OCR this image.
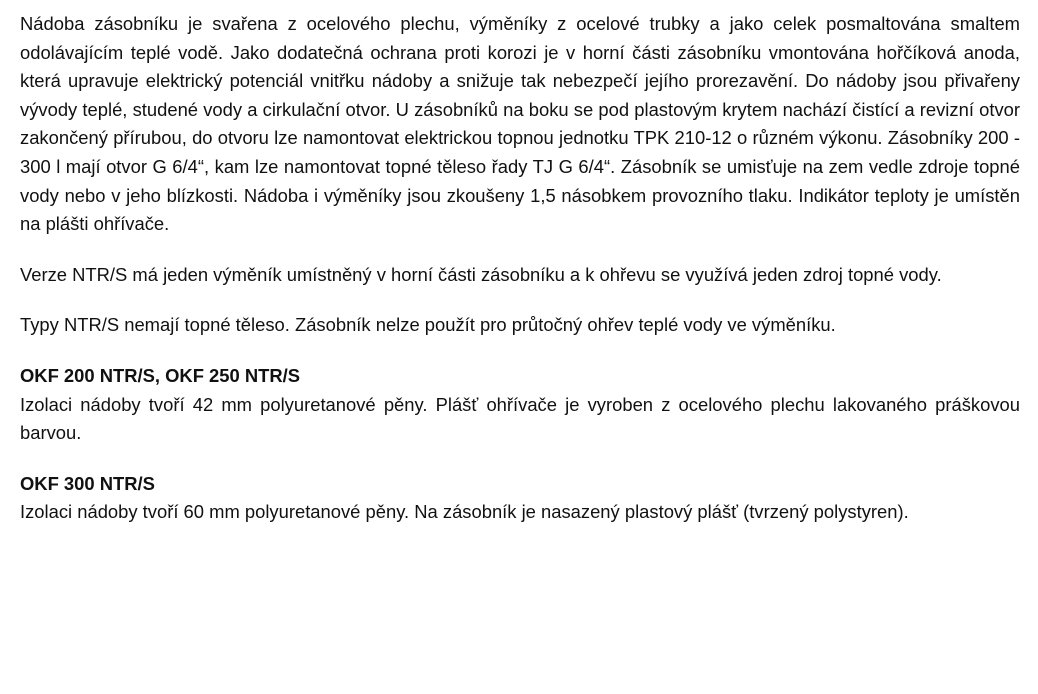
Nádoba zásobníku je svařena z ocelového plechu, výměníky z ocelové trubky a jako celek posmaltována smaltem odolávajícím teplé vodě. Jako dodatečná ochrana proti korozi je v horní části zásobníku vmontována hořčíková anoda, která upravuje elektrický potenciál vnitřku nádoby a snižuje tak nebezpečí jejího prorezavění. Do nádoby jsou přivařeny vývody teplé, studené vody a cirkulační otvor. U zásobníků na boku se pod plastovým krytem nachází čistící a revizní otvor zakončený přírubou, do otvoru lze namontovat elektrickou topnou jednotku TPK 210-12 o různém výkonu. Zásobníky 200 - 300 l mají otvor G 6/4“, kam lze namontovat topné těleso řady TJ G 6/4“. Zásobník se umisťuje na zem vedle zdroje topné vody nebo v jeho blízkosti. Nádoba i výměníky jsou zkoušeny 1,5 násobkem provozního tlaku. Indikátor teploty je umístěn na plášti ohřívače.

Verze NTR/S má jeden výměník umístněný v horní části zásobníku a k ohřevu se využívá jeden zdroj topné vody.

Typy NTR/S nemají topné těleso. Zásobník nelze použít pro průtočný ohřev teplé vody ve výměníku.

OKF 200 NTR/S, OKF 250 NTR/S

Izolaci nádoby tvoří 42 mm polyuretanové pěny. Plášť ohřívače je vyroben z ocelového plechu lakovaného práškovou barvou.

OKF 300 NTR/S

Izolaci nádoby tvoří 60 mm polyuretanové pěny. Na zásobník je nasazený plastový plášť (tvrzený polystyren).
